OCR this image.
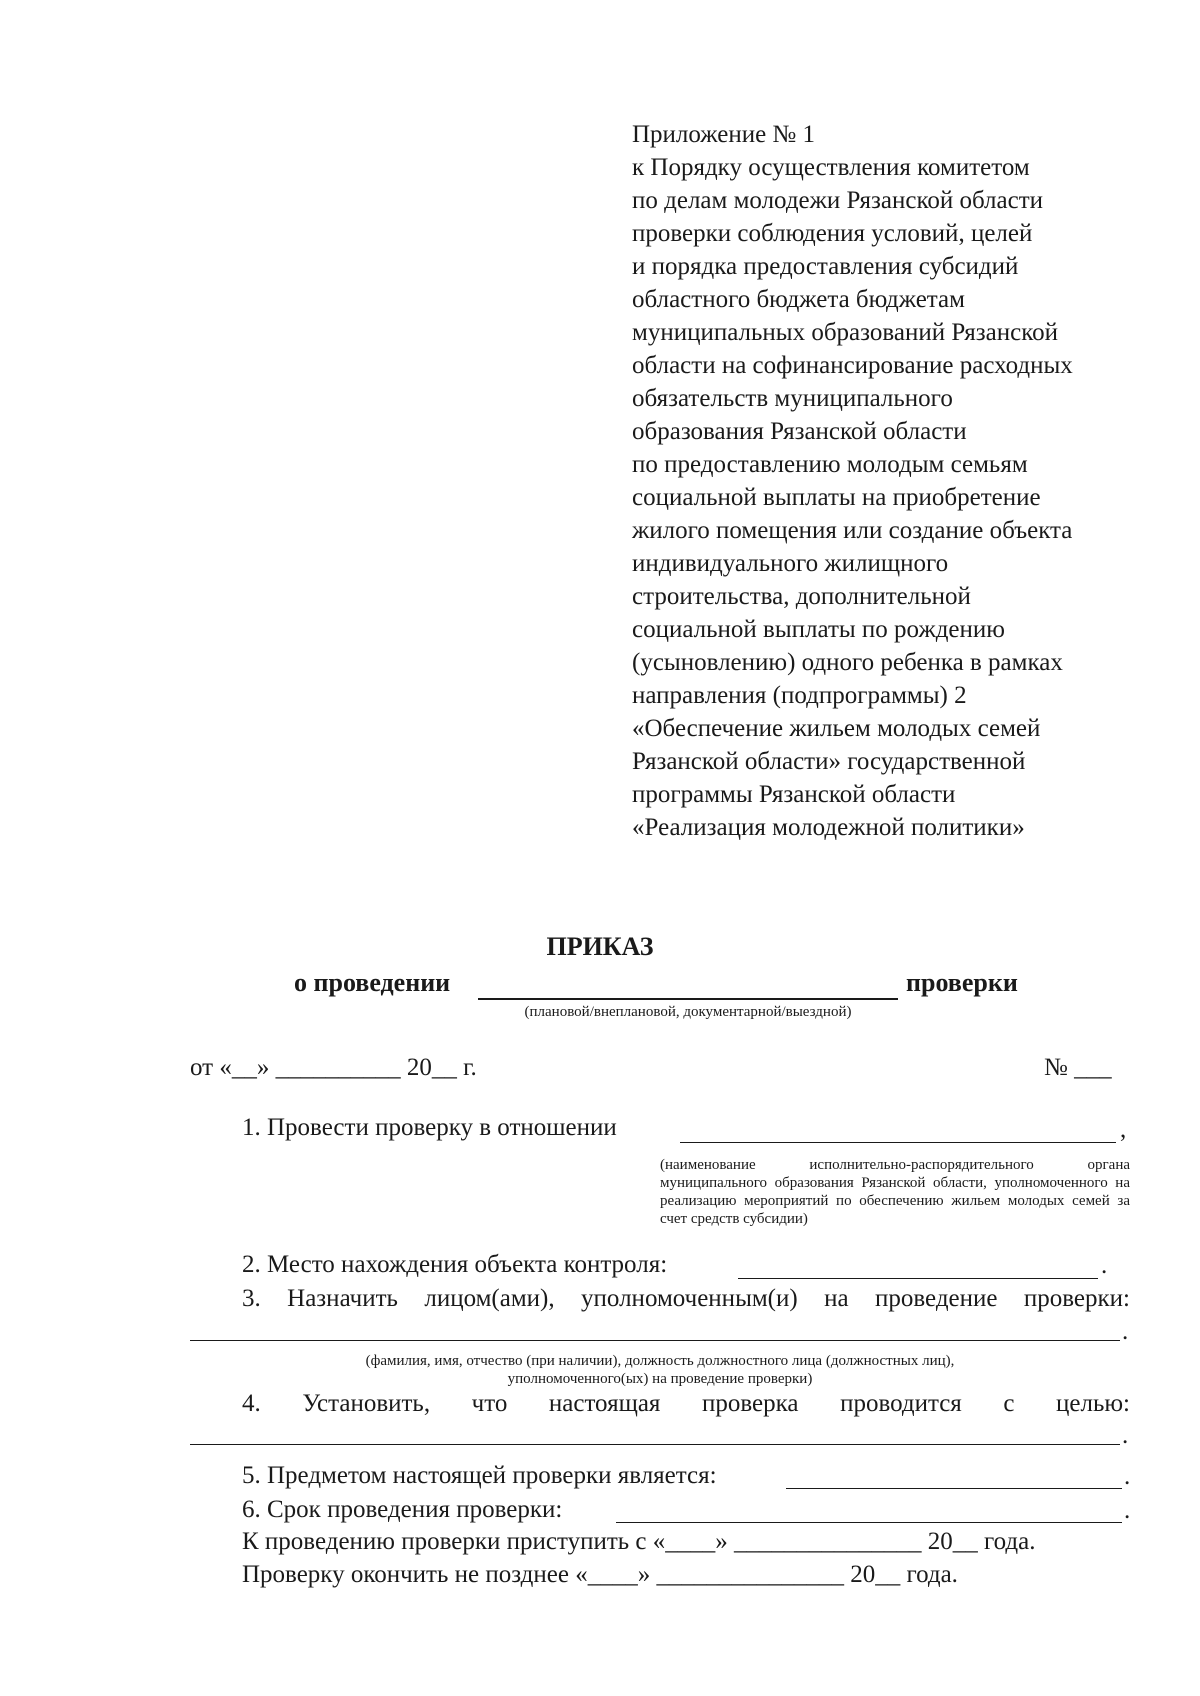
Приложение № 1
к Порядку осуществления комитетом
по делам молодежи Рязанской области
проверки соблюдения условий, целей
и порядка предоставления субсидий
областного бюджета бюджетам
муниципальных образований Рязанской
области на софинансирование расходных
обязательств муниципального
образования Рязанской области
по предоставлению молодым семьям
социальной выплаты на приобретение
жилого помещения или создание объекта
индивидуального жилищного
строительства, дополнительной
социальной выплаты по рождению
(усыновлению) одного ребенка в рамках
направления (подпрограммы) 2
«Обеспечение жильем молодых семей
Рязанской области» государственной
программы Рязанской области
«Реализация молодежной политики»
ПРИКАЗ
о проведении	проверки
(плановой/внеплановой, документарной/выездной)
от «__» __________ 20__ г.	№ ___
1. Провести проверку в отношении	,
(наименование исполнительно-распорядительного органа муниципального образования Рязанской области, уполномоченного на реализацию мероприятий по обеспечению жильем молодых семей за счет средств субсидии)
2. Место нахождения объекта контроля:	.
3. Назначить лицом(ами), уполномоченным(и) на проведение проверки:
.
(фамилия, имя, отчество (при наличии), должность должностного лица (должностных лиц),
уполномоченного(ых) на проведение проверки)
4. Установить, что настоящая проверка проводится с целью:
.
5. Предметом настоящей проверки является:	.
6. Срок проведения проверки:	.
К проведению проверки приступить с «____» _______________ 20__ года.
Проверку окончить не позднее «____» _______________ 20__ года.
